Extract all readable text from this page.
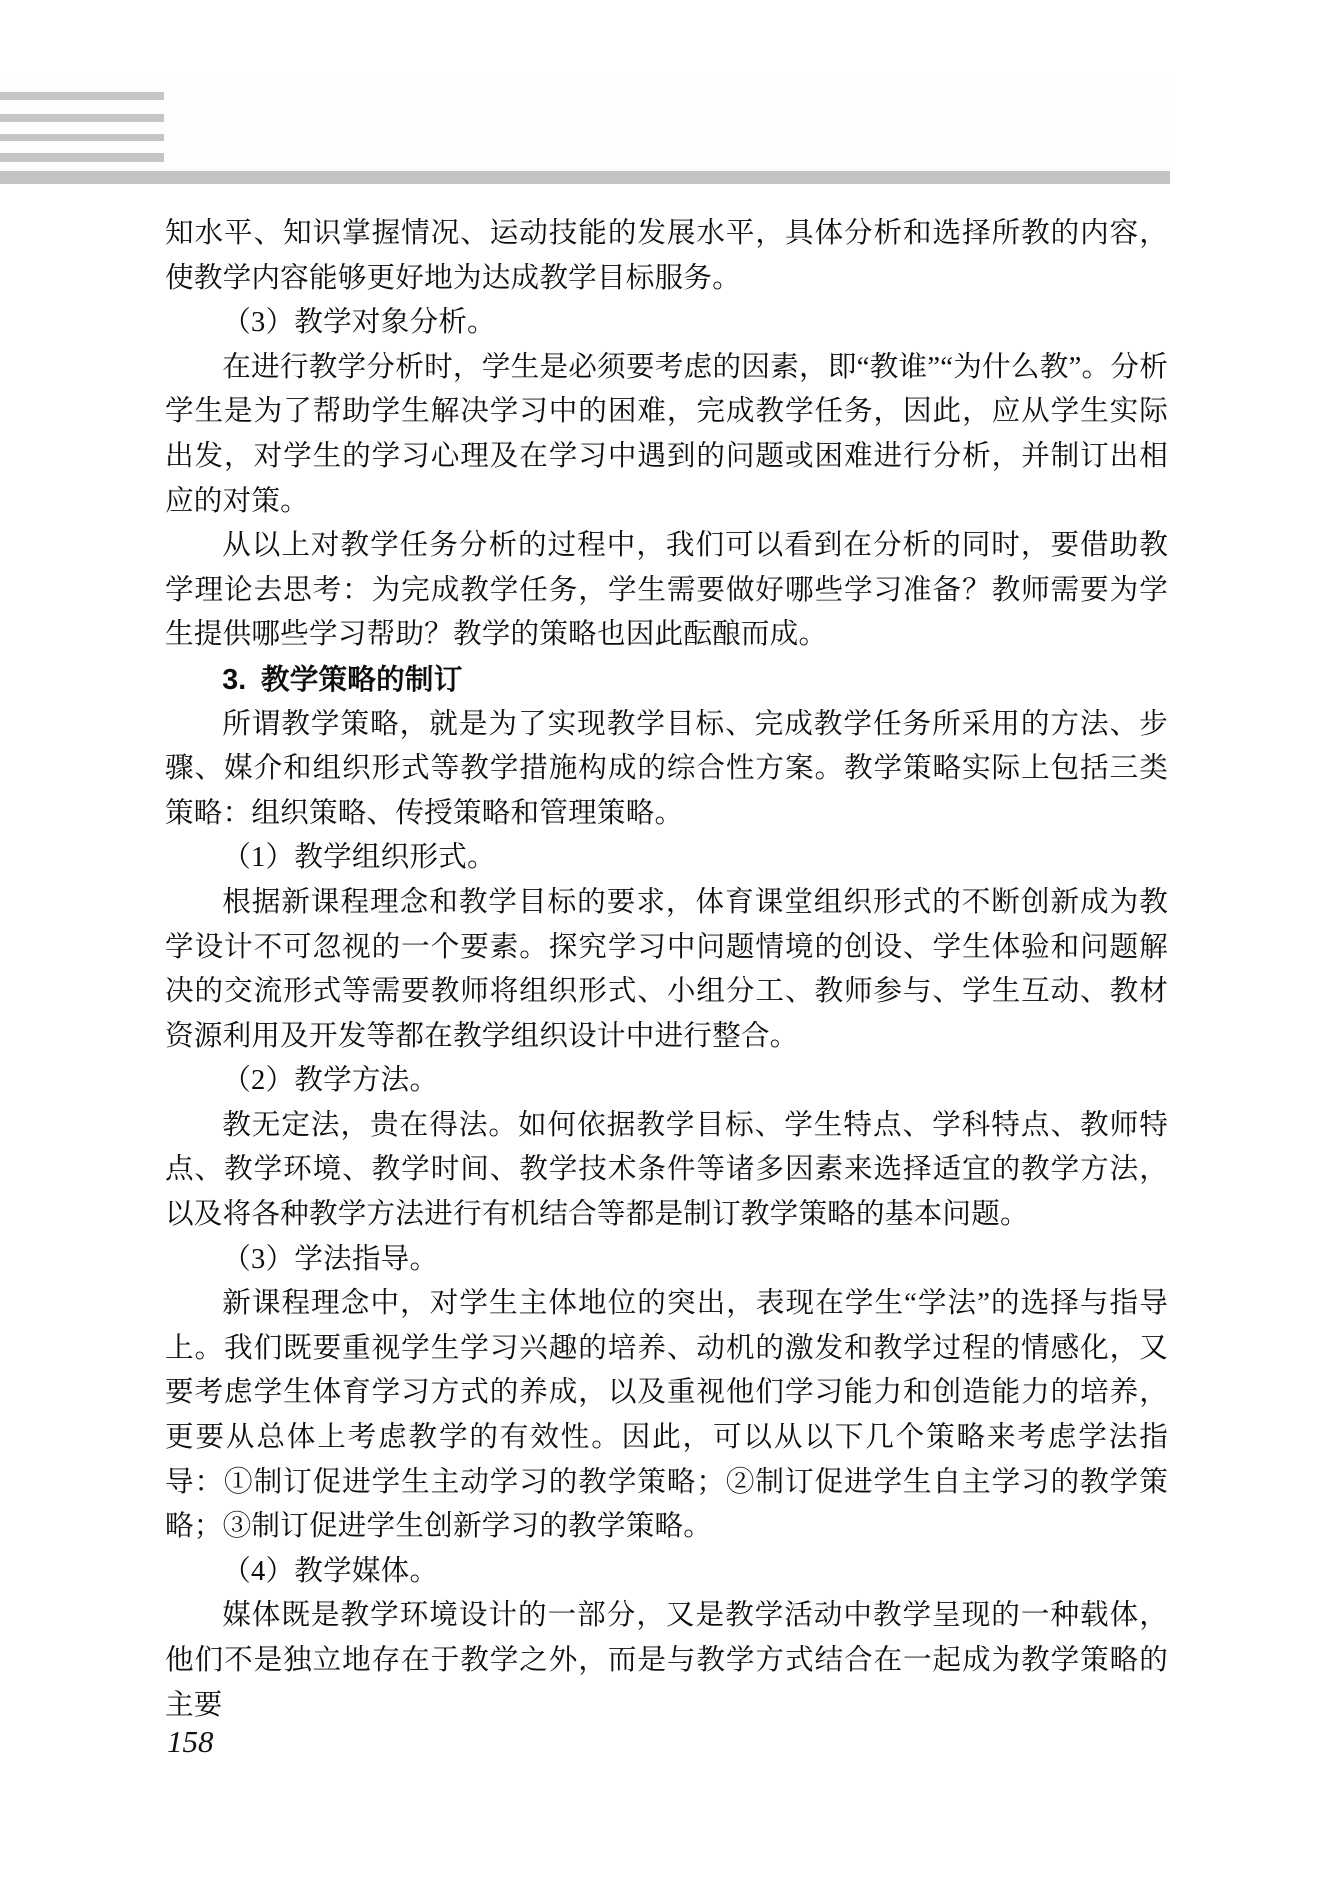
知水平、知识掌握情况、运动技能的发展水平，具体分析和选择所教的内容，使教学内容能够更好地为达成教学目标服务。

（3）教学对象分析。

在进行教学分析时，学生是必须要考虑的因素，即“教谁”“为什么教”。分析学生是为了帮助学生解决学习中的困难，完成教学任务，因此，应从学生实际出发，对学生的学习心理及在学习中遇到的问题或困难进行分析，并制订出相应的对策。

从以上对教学任务分析的过程中，我们可以看到在分析的同时，要借助教学理论去思考：为完成教学任务，学生需要做好哪些学习准备？教师需要为学生提供哪些学习帮助？教学的策略也因此酝酿而成。

3. 教学策略的制订

所谓教学策略，就是为了实现教学目标、完成教学任务所采用的方法、步骤、媒介和组织形式等教学措施构成的综合性方案。教学策略实际上包括三类策略：组织策略、传授策略和管理策略。

（1）教学组织形式。

根据新课程理念和教学目标的要求，体育课堂组织形式的不断创新成为教学设计不可忽视的一个要素。探究学习中问题情境的创设、学生体验和问题解决的交流形式等需要教师将组织形式、小组分工、教师参与、学生互动、教材资源利用及开发等都在教学组织设计中进行整合。

（2）教学方法。

教无定法，贵在得法。如何依据教学目标、学生特点、学科特点、教师特点、教学环境、教学时间、教学技术条件等诸多因素来选择适宜的教学方法，以及将各种教学方法进行有机结合等都是制订教学策略的基本问题。

（3）学法指导。

新课程理念中，对学生主体地位的突出，表现在学生“学法”的选择与指导上。我们既要重视学生学习兴趣的培养、动机的激发和教学过程的情感化，又要考虑学生体育学习方式的养成，以及重视他们学习能力和创造能力的培养，更要从总体上考虑教学的有效性。因此，可以从以下几个策略来考虑学法指导：①制订促进学生主动学习的教学策略；②制订促进学生自主学习的教学策略；③制订促进学生创新学习的教学策略。

（4）教学媒体。

媒体既是教学环境设计的一部分，又是教学活动中教学呈现的一种载体，他们不是独立地存在于教学之外，而是与教学方式结合在一起成为教学策略的主要

158
